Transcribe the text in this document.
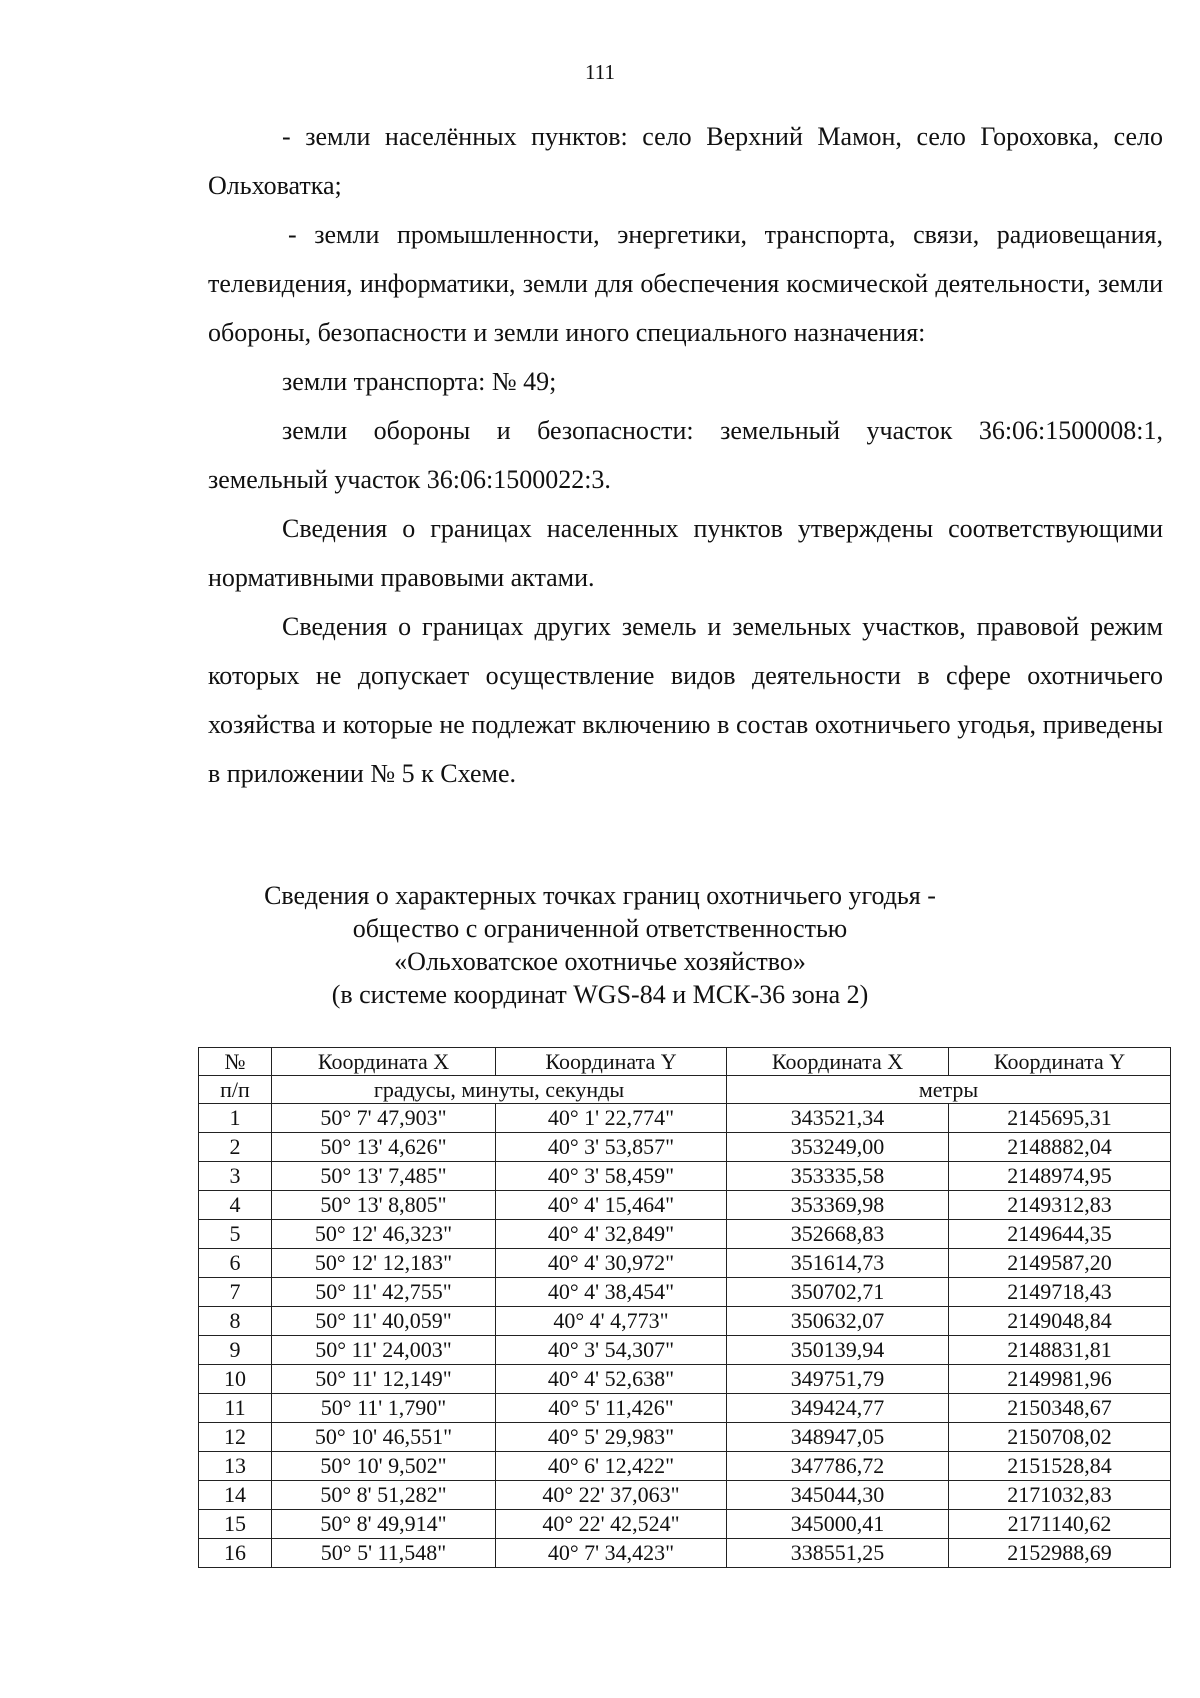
111

- земли населённых пунктов: село Верхний Мамон, село Гороховка, село Ольховатка;

- земли промышленности, энергетики, транспорта, связи, радиовещания, телевидения, информатики, земли для обеспечения космической деятельности, земли обороны, безопасности и земли иного специального назначения:

земли транспорта: № 49;

земли обороны и безопасности: земельный участок 36:06:1500008:1, земельный участок 36:06:1500022:3.

Сведения о границах населенных пунктов утверждены соответствующими нормативными правовыми актами.

Сведения о границах других земель и земельных участков, правовой режим которых не допускает осуществление видов деятельности в сфере охотничьего хозяйства и которые не подлежат включению в состав охотничьего угодья, приведены в приложении № 5 к Схеме.

Сведения о характерных точках границ охотничьего угодья -
общество с ограниченной ответственностью
«Ольховатское охотничье хозяйство»
(в системе координат WGS-84 и МСК-36 зона 2)
№	Координата X	Координата Y	Координата X	Координата Y
п/п	градусы, минуты, секунды		метры	
1	50° 7' 47,903"	40° 1' 22,774"	343521,34	2145695,31
2	50° 13' 4,626"	40° 3' 53,857"	353249,00	2148882,04
3	50° 13' 7,485"	40° 3' 58,459"	353335,58	2148974,95
4	50° 13' 8,805"	40° 4' 15,464"	353369,98	2149312,83
5	50° 12' 46,323"	40° 4' 32,849"	352668,83	2149644,35
6	50° 12' 12,183"	40° 4' 30,972"	351614,73	2149587,20
7	50° 11' 42,755"	40° 4' 38,454"	350702,71	2149718,43
8	50° 11' 40,059"	40° 4' 4,773"	350632,07	2149048,84
9	50° 11' 24,003"	40° 3' 54,307"	350139,94	2148831,81
10	50° 11' 12,149"	40° 4' 52,638"	349751,79	2149981,96
11	50° 11' 1,790"	40° 5' 11,426"	349424,77	2150348,67
12	50° 10' 46,551"	40° 5' 29,983"	348947,05	2150708,02
13	50° 10' 9,502"	40° 6' 12,422"	347786,72	2151528,84
14	50° 8' 51,282"	40° 22' 37,063"	345044,30	2171032,83
15	50° 8' 49,914"	40° 22' 42,524"	345000,41	2171140,62
16	50° 5' 11,548"	40° 7' 34,423"	338551,25	2152988,69
